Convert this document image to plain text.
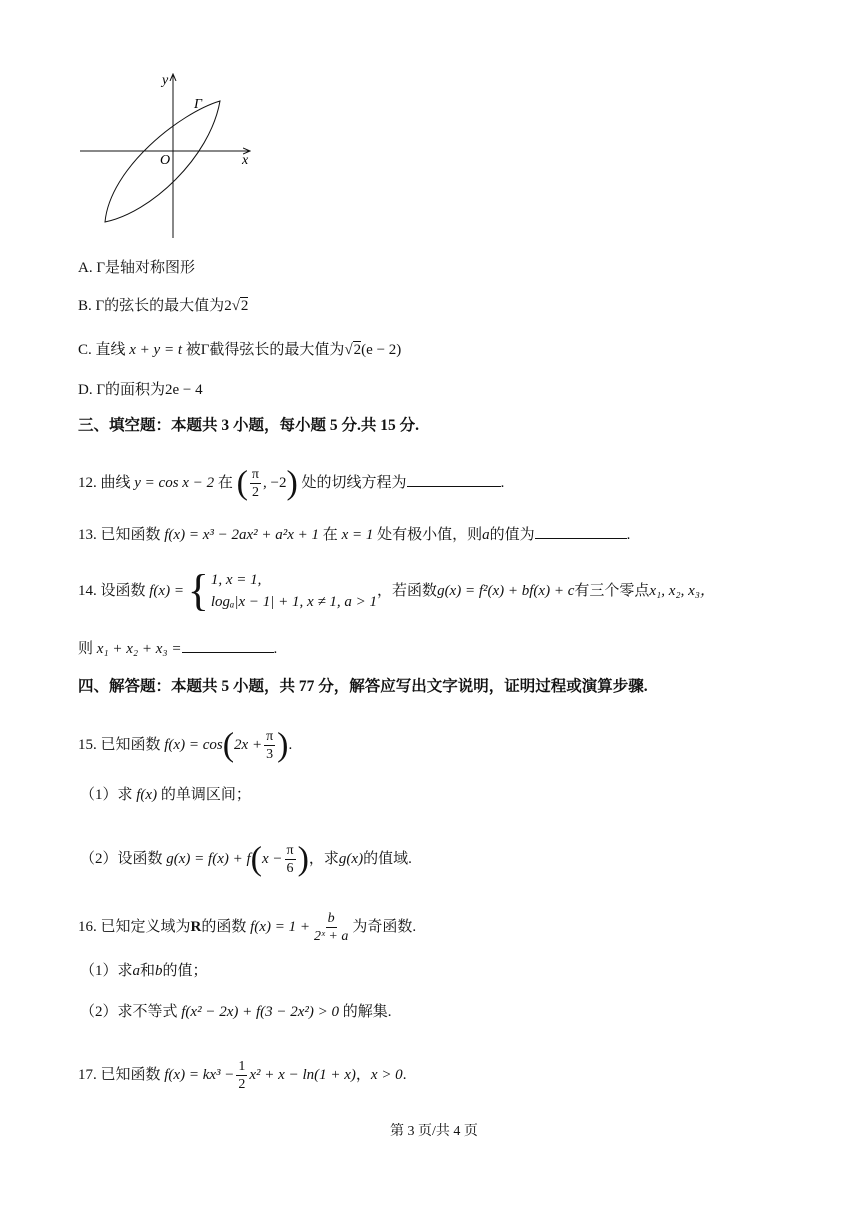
y
x
O
Γ
A. Γ是轴对称图形
B. Γ的弦长的最大值为2√2
C. 直线 x + y = t 被Γ截得弦长的最大值为√2(e − 2)
D. Γ的面积为2e − 4
三、填空题：本题共 3 小题，每小题 5 分.共 15 分.
12. 曲线 y = cos x − 2 在 ( $\frac{\pi}{2}$ , −2) 处的切线方程为	.
13. 已知函数 f(x) = x³ − 2ax² + a²x + 1 在 x = 1 处有极小值，则a的值为	.
14. 设函数
f(x) =
{ 1, x = 1,
logₐ|x − 1| + 1, x ≠ 1, a > 1
，若函数 g(x) = f²(x) + bf(x) + c 有三个零点 x₁, x₂, x₃，
则 x₁ + x₂ + x₃ =	.
四、解答题：本题共 5 小题，共 77 分，解答应写出文字说明，证明过程或演算步骤.
15. 已知函数 $f(x) = \cos(2x + \frac{\pi}{3}$ ).
（1）求 f(x) 的单调区间；
（2）设函数 $g(x) = f(x) + f(x - \frac{\pi}{6}$ )，求g(x)的值域.
16. 已知定义域为R的函数 $f(x) = 1 + \frac{b}{\text{2ˣ + a}}$ 为奇函数.
（1）求a和b的值；
（2）求不等式 f(x² − 2x) + f(3 − 2x²) > 0 的解集.
17. 已知函数 $f(x) = kx^3 - \frac{1}{2} x^2 + x - \ln(1 + x)$，x > 0.
第 3 页/共 4 页
